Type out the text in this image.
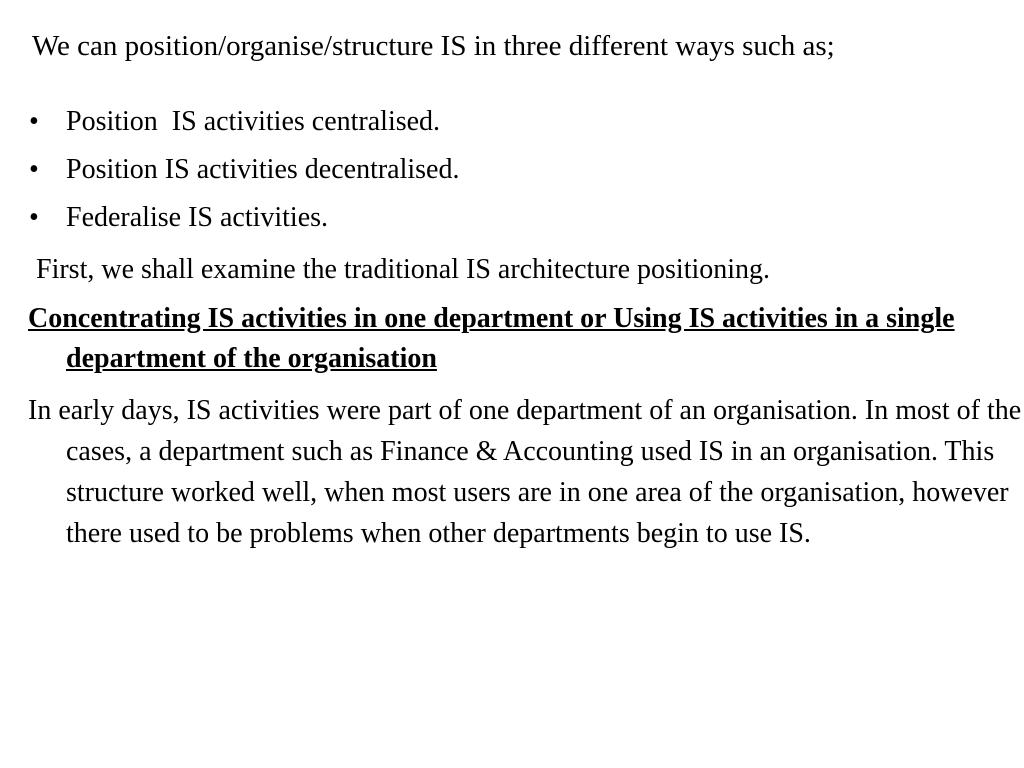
We can position/organise/structure IS in three different ways such as;
• Position  IS activities centralised.
• Position IS activities decentralised.
• Federalise IS activities.
First, we shall examine the traditional IS architecture positioning.
Concentrating IS activities in one department or Using IS activities in a single department of the organisation
In early days, IS activities were part of one department of an organisation. In most of the cases, a department such as Finance & Accounting used IS in an organisation. This structure worked well, when most users are in one area of the organisation, however there used to be problems when other departments begin to use IS.
